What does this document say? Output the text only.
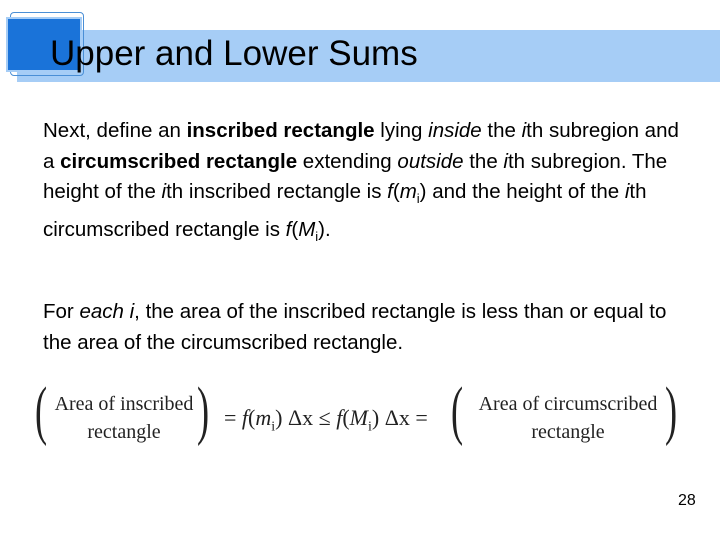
Upper and Lower Sums
Next, define an inscribed rectangle lying inside the ith subregion and a circumscribed rectangle extending outside the ith subregion. The height of the ith inscribed rectangle is $f(m_i)$ and the height of the ith circumscribed rectangle is $f(M_i)$.
For each i, the area of the inscribed rectangle is less than or equal to the area of the circumscribed rectangle.
( Area of inscribed
rectangle ) = $f(m_i) \Delta x \le f(M_i) \Delta x$ = ( Area of circumscribed
rectangle )
28
